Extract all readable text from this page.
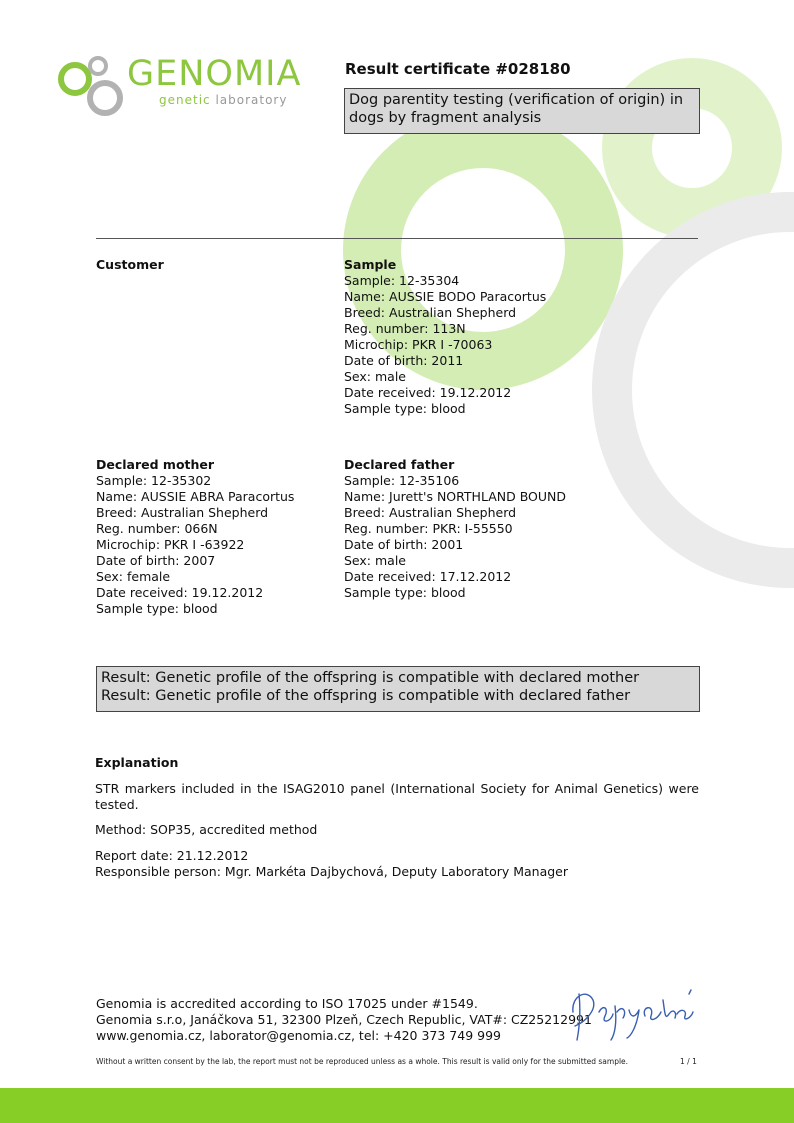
GENOMIA
genetic laboratory
Result certificate #028180
Dog parentity testing (verification of origin) in
dogs by fragment analysis
Customer	Sample
Sample: 12-35304
Name: AUSSIE BODO Paracortus
Breed: Australian Shepherd
Reg. number: 113N
Microchip: PKR I -70063
Date of birth: 2011
Sex: male
Date received: 19.12.2012
Sample type: blood
Declared mother
Sample: 12-35302
Name: AUSSIE ABRA Paracortus
Breed: Australian Shepherd
Reg. number: 066N
Microchip: PKR I -63922
Date of birth: 2007
Sex: female
Date received: 19.12.2012
Sample type: blood
Declared father
Sample: 12-35106
Name: Jurett's NORTHLAND BOUND
Breed: Australian Shepherd
Reg. number: PKR: I-55550
Date of birth: 2001
Sex: male
Date received: 17.12.2012
Sample type: blood
Result: Genetic profile of the offspring is compatible with declared mother
Result: Genetic profile of the offspring is compatible with declared father
Explanation
STR markers included in the ISAG2010 panel (International Society for Animal Genetics) were tested.
Method: SOP35, accredited method
Report date: 21.12.2012
Responsible person: Mgr. Markéta Dajbychová, Deputy Laboratory Manager
Genomia is accredited according to ISO 17025 under #1549.
Genomia s.r.o, Janáčkova 51, 32300 Plzeň, Czech Republic, VAT#: CZ25212991
www.genomia.cz, laborator@genomia.cz, tel: +420 373 749 999
Without a written consent by the lab, the report must not be reproduced unless as a whole. This result is valid only for the submitted sample.	1 / 1
